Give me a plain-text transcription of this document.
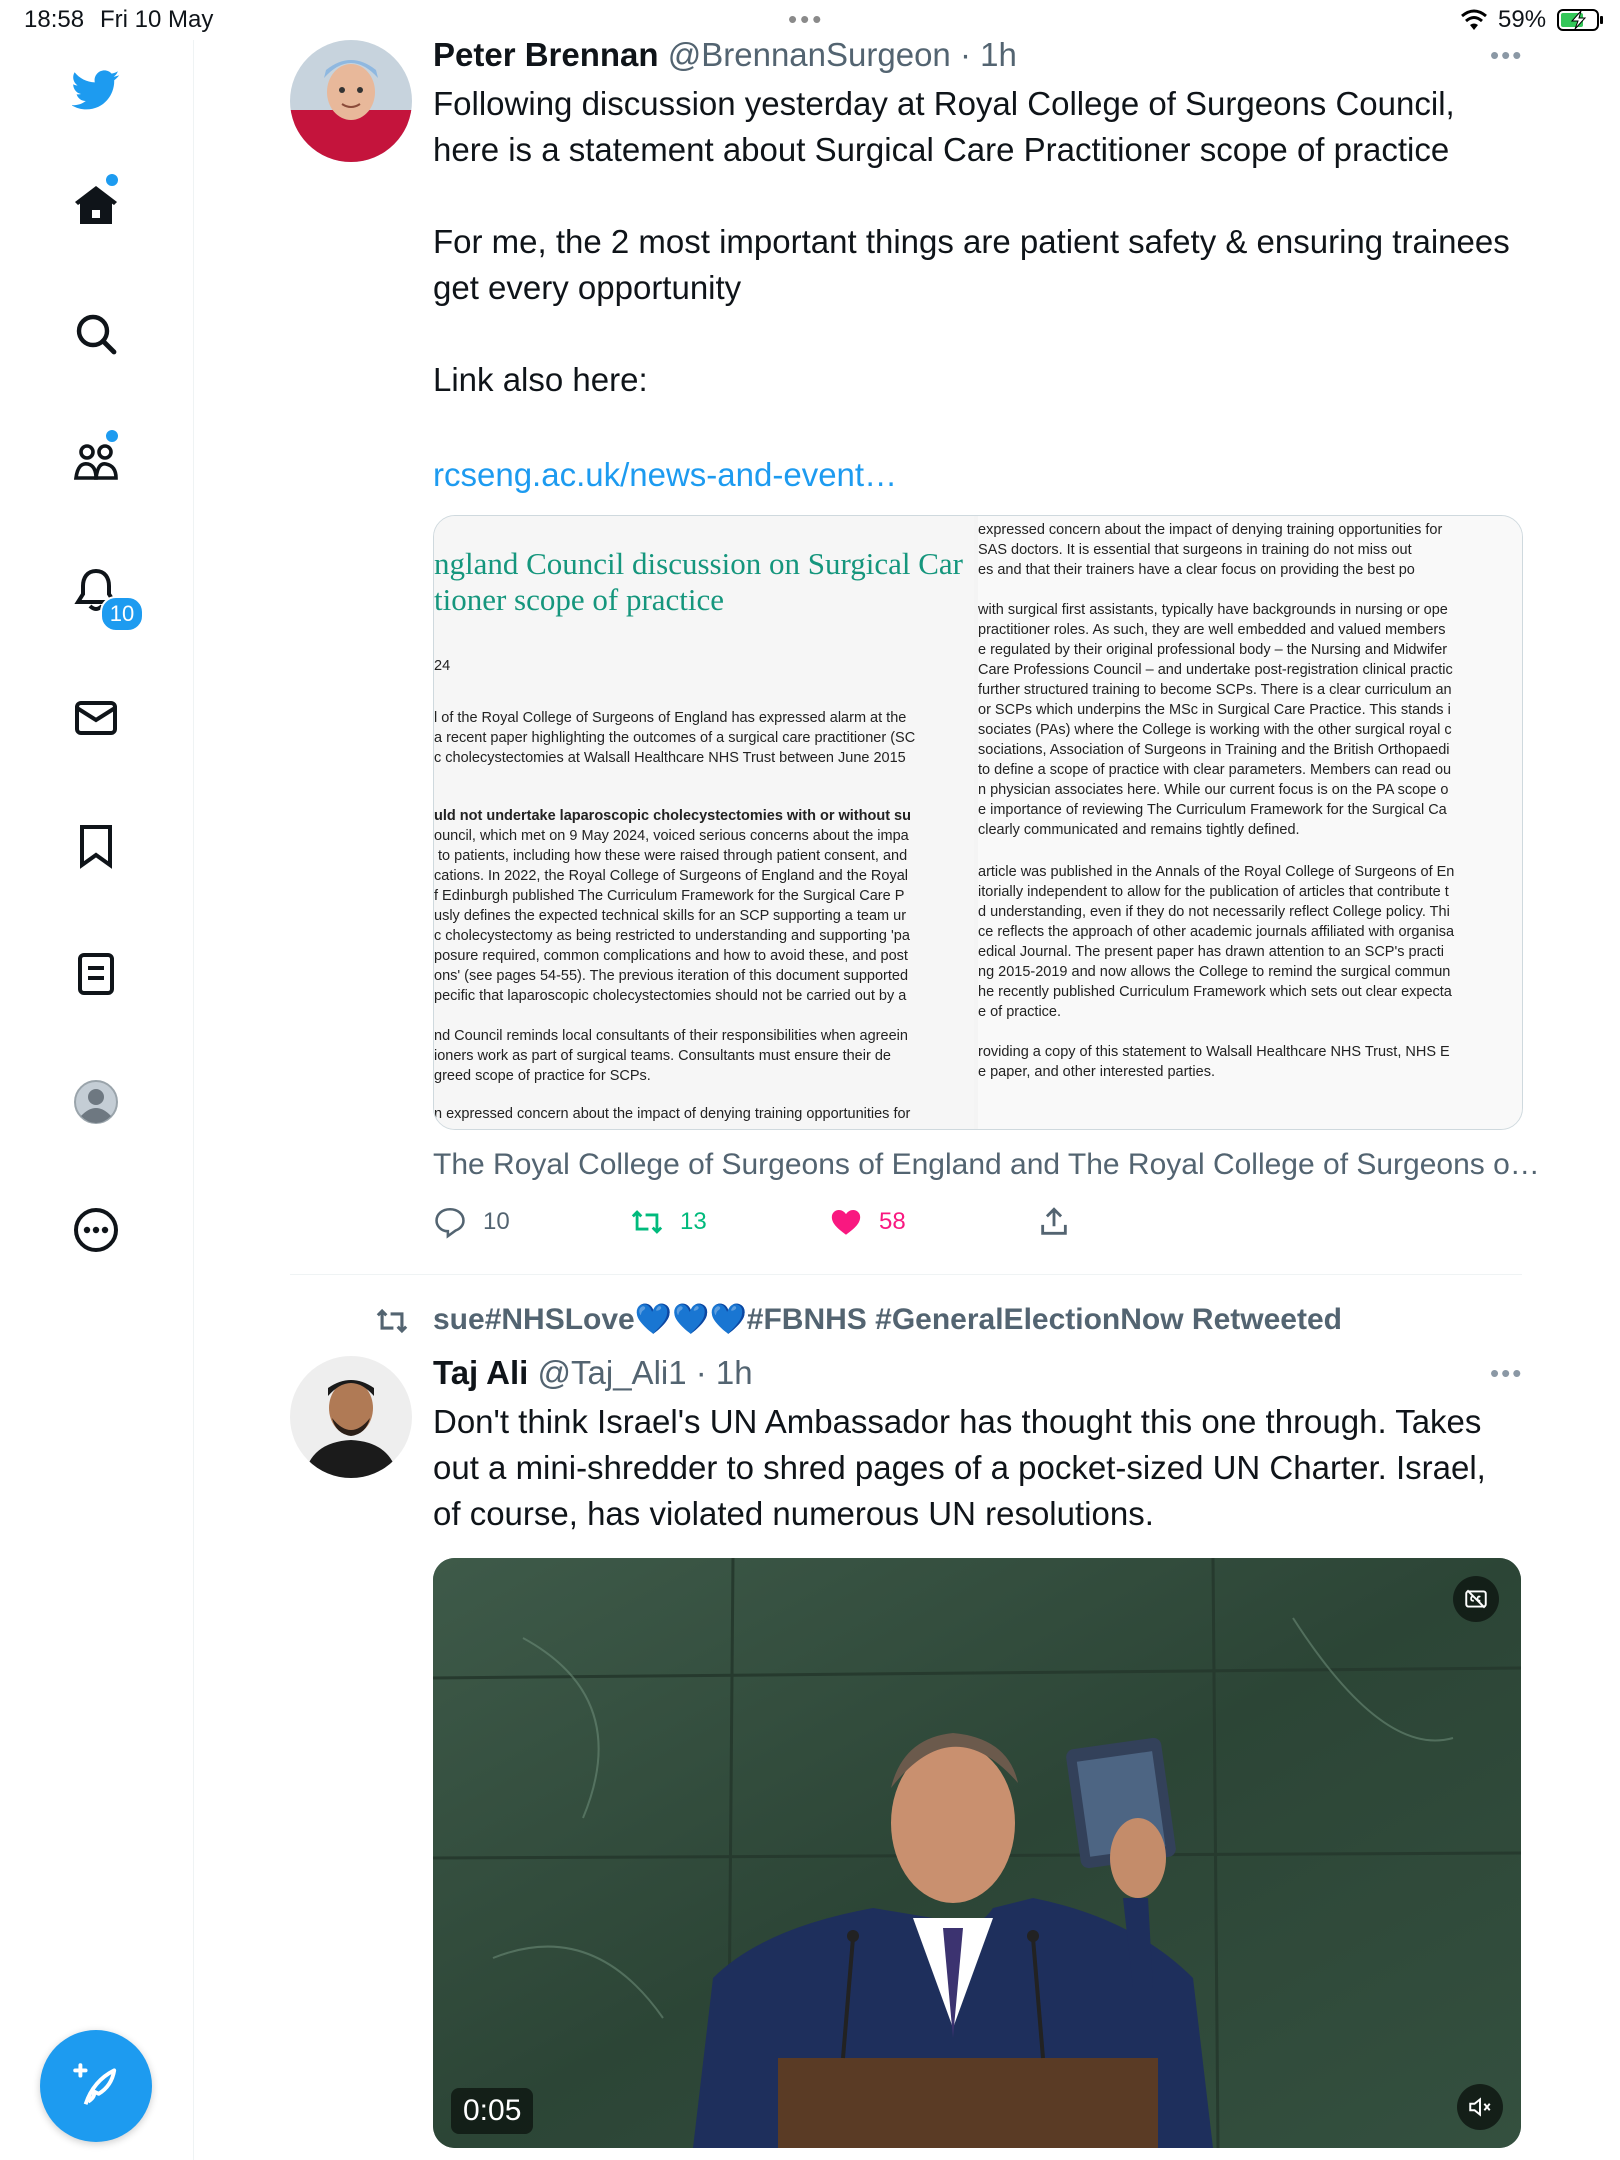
18:58 Fri 10 May	•••	59%
10
Peter Brennan @BrennanSurgeon · 1h	•••
Following discussion yesterday at Royal College of Surgeons Council, here is a statement about Surgical Care Practitioner scope of practice

For me, the 2 most important things are patient safety & ensuring trainees get every opportunity

Link also here:
rcseng.ac.uk/news-and-event…
ngland Council discussion on Surgical Car
tioner scope of practice
24
l of the Royal College of Surgeons of England has expressed alarm at the
a recent paper highlighting the outcomes of a surgical care practitioner (SC
c cholecystectomies at Walsall Healthcare NHS Trust between June 2015
uld not undertake laparoscopic cholecystectomies with or without su
ouncil, which met on 9 May 2024, voiced serious concerns about the impa
to patients, including how these were raised through patient consent, and
cations. In 2022, the Royal College of Surgeons of England and the Royal
f Edinburgh published The Curriculum Framework for the Surgical Care P
usly defines the expected technical skills for an SCP supporting a team ur
c cholecystectomy as being restricted to understanding and supporting 'pa
posure required, common complications and how to avoid these, and post
ons' (see pages 54-55). The previous iteration of this document supported
pecific that laparoscopic cholecystectomies should not be carried out by a
nd Council reminds local consultants of their responsibilities when agreein
ioners work as part of surgical teams. Consultants must ensure their de
greed scope of practice for SCPs.
n expressed concern about the impact of denying training opportunities for
expressed concern about the impact of denying training opportunities for
SAS doctors. It is essential that surgeons in training do not miss out
es and that their trainers have a clear focus on providing the best po
with surgical first assistants, typically have backgrounds in nursing or ope
practitioner roles. As such, they are well embedded and valued members
e regulated by their original professional body – the Nursing and Midwifer
Care Professions Council – and undertake post-registration clinical practic
further structured training to become SCPs. There is a clear curriculum an
or SCPs which underpins the MSc in Surgical Care Practice. This stands i
sociates (PAs) where the College is working with the other surgical royal c
sociations, Association of Surgeons in Training and the British Orthopaedi
to define a scope of practice with clear parameters. Members can read ou
n physician associates here. While our current focus is on the PA scope o
e importance of reviewing The Curriculum Framework for the Surgical Ca
clearly communicated and remains tightly defined.
article was published in the Annals of the Royal College of Surgeons of En
itorially independent to allow for the publication of articles that contribute t
d understanding, even if they do not necessarily reflect College policy. Thi
ce reflects the approach of other academic journals affiliated with organisa
edical Journal. The present paper has drawn attention to an SCP's practi
ng 2015-2019 and now allows the College to remind the surgical commun
he recently published Curriculum Framework which sets out clear expecta
e of practice.
roviding a copy of this statement to Walsall Healthcare NHS Trust, NHS E
e paper, and other interested parties.
The Royal College of Surgeons of England and The Royal College of Surgeons o…
10	13	58
sue#NHSLove💙💙💙#FBNHS #GeneralElectionNow Retweeted
Taj Ali @Taj_Ali1 · 1h	•••
Don't think Israel's UN Ambassador has thought this one through. Takes out a mini-shredder to shred pages of a pocket-sized UN Charter. Israel, of course, has violated numerous UN resolutions.
0:05
